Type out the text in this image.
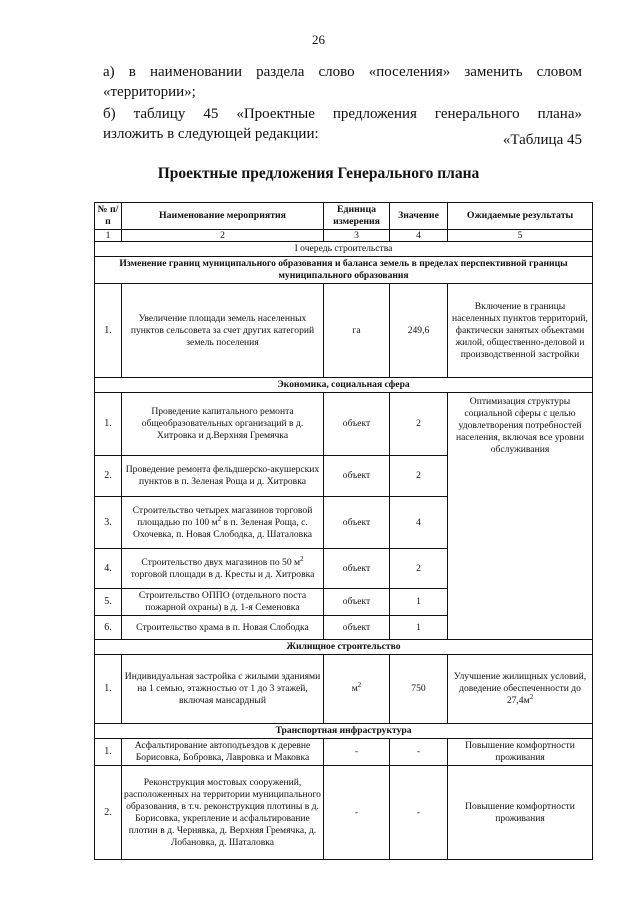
26
а) в наименовании раздела слово «поселения» заменить словом
«территории»;
б) таблицу 45 «Проектные предложения генерального плана»
изложить в следующей редакции:	«Таблица 45
Проектные предложения Генерального плана
№ п/п	Наименование мероприятия	Единица измерения	Значение	Ожидаемые результаты
1	2	3	4	5
I очередь строительства				
Изменение границ муниципального образования и баланса земель в пределах перспективной границы муниципального образования				
1.	Увеличение площади земель населенных пунктов сельсовета за счет других категорий земель поселения	га	249,6	Включение в границы населенных пунктов территорий, фактически занятых объектами жилой, общественно-деловой и производственной застройки
Экономика, социальная сфера				
1.	Проведение капитального ремонта общеобразовательных организаций в д. Хитровка и д.Верхняя Гремячка	объект	2	Оптимизация структуры социальной сферы с целью удовлетворения потребностей населения, включая все уровни обслуживания
2.	Проведение ремонта фельдшерско-акушерских пунктов в п. Зеленая Роща и д. Хитровка	объект	2	
3.	Строительство четырех магазинов торговой площадью по 100 $м^2$ в п. Зеленая Роща, с. Охочевка, п. Новая Слободка, д. Шаталовка	объект	4	
4.	Строительство двух магазинов по 50 $м^2$ торговой площади в д. Кресты и д. Хитровка	объект	2	
5.	Строительство ОППО (отдельного поста пожарной охраны) в д. 1-я Семеновка	объект	1	
6.	Строительство храма в п. Новая Слободка	объект	1	
Жилищное строительство				
1.	Индивидуальная застройка с жилыми зданиями на 1 семью, этажностью от 1 до 3 этажей, включая мансардный	$м^2$	750	Улучшение жилищных условий, доведение обеспеченности до $27,4м^2$
Транспортная инфраструктура				
1.	Асфальтирование автоподъездов к деревне Борисовка, Бобровка, Лавровка и Маковка	-	-	Повышение комфортности проживания
2.	Реконструкция мостовых сооружений, расположенных на территории муниципального образования, в т.ч. реконструкция плотины в д. Борисовка, укрепление и асфальтирование плотин в д. Чернявка, д. Верхняя Гремячка, д. Лобановка, д. Шаталовка	-	-	Повышение комфортности проживания
